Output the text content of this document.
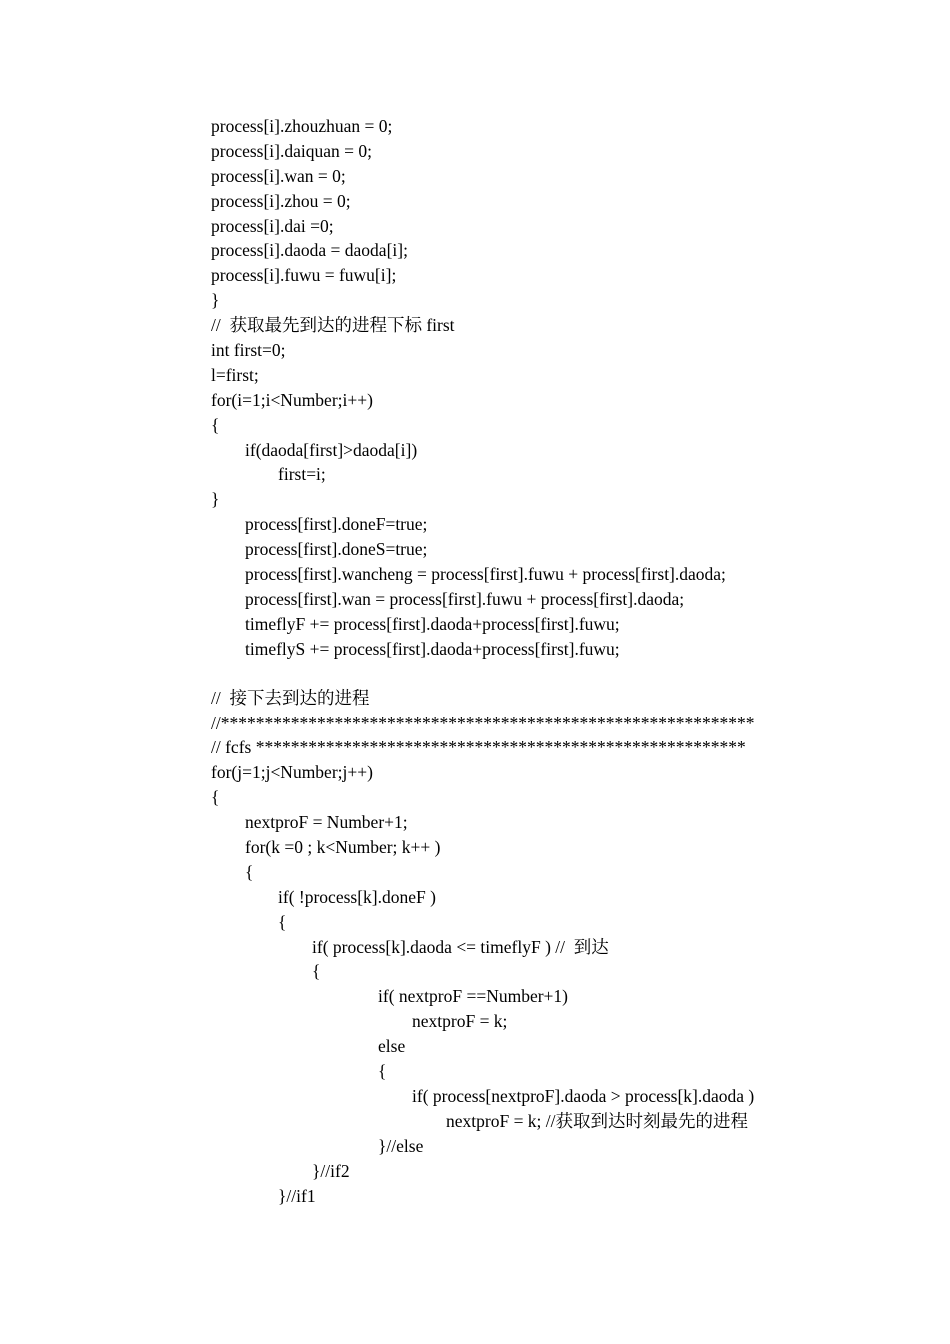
process[i].zhouzhuan = 0;
process[i].daiquan = 0;
process[i].wan = 0;
process[i].zhou = 0;
process[i].dai =0;
process[i].daoda = daoda[i];
process[i].fuwu = fuwu[i];
}
//  获取最先到达的进程下标 first
int first=0;
l=first;
for(i=1;i<Number;i++)
{
if(daoda[first]>daoda[i])
first=i;
}
process[first].doneF=true;
process[first].doneS=true;
process[first].wancheng = process[first].fuwu + process[first].daoda;
process[first].wan = process[first].fuwu + process[first].daoda;
timeflyF += process[first].daoda+process[first].fuwu;
timeflyS += process[first].daoda+process[first].fuwu;
//  接下去到达的进程
//*************************************************************
// fcfs ********************************************************
for(j=1;j<Number;j++)
{
nextproF = Number+1;
for(k =0 ; k<Number; k++ )
{
if( !process[k].doneF )
{
if( process[k].daoda <= timeflyF ) //  到达
{
if( nextproF ==Number+1)
nextproF = k;
else
{
if( process[nextproF].daoda > process[k].daoda )
nextproF = k; //获取到达时刻最先的进程
}//else
}//if2
}//if1
